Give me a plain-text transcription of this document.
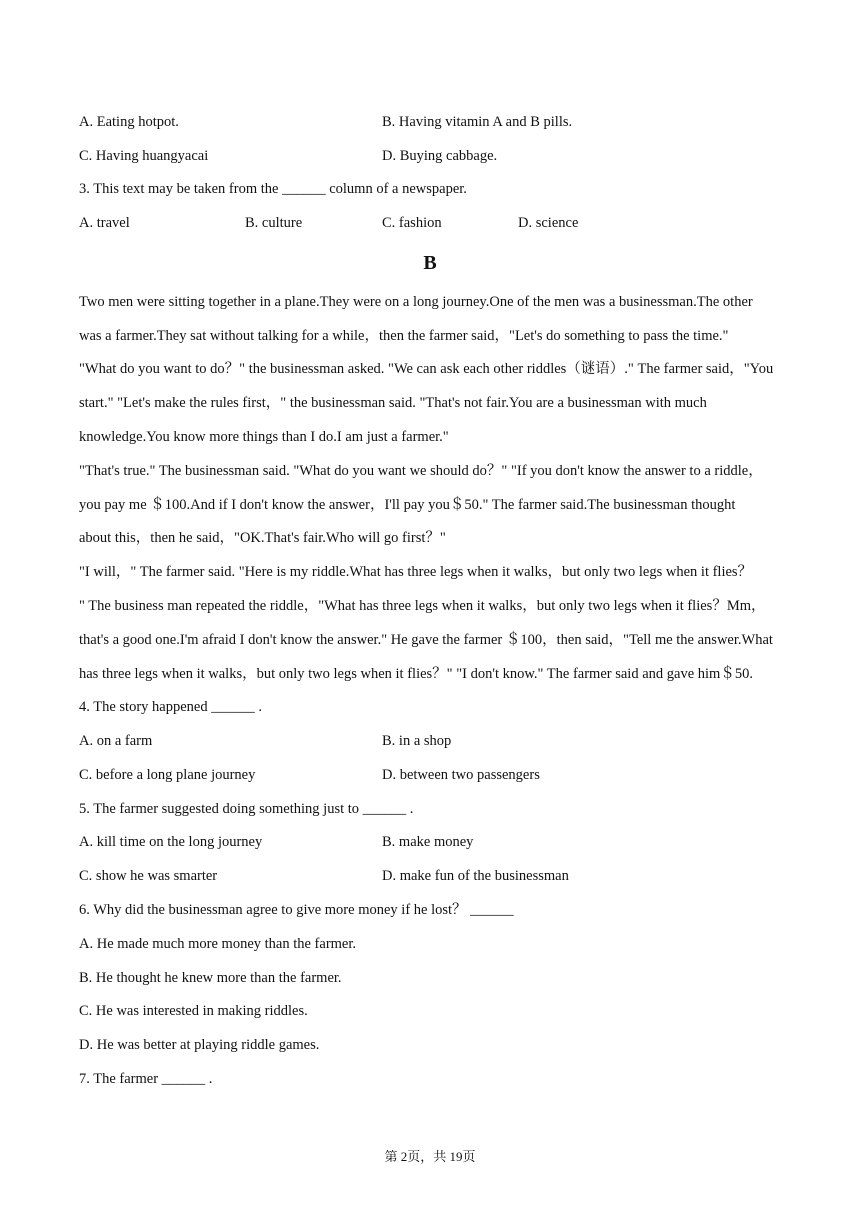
A. Eating hotpot.	B. Having vitamin A and B pills.
C. Having huangyacai	D. Buying cabbage.
3. This text may be taken from the ______ column of a newspaper.
A. travel	B. culture	C. fashion	D. science
B
Two men were sitting together in a plane.They were on a long journey.One of the men was a businessman.The other
was a farmer.They sat without talking for a while，then the farmer said，"Let's do something to pass the time."
"What do you want to do？" the businessman asked. "We can ask each other riddles（谜语）." The farmer said，"You
start." "Let's make the rules first，" the businessman said. "That's not fair.You are a businessman with much
knowledge.You know more things than I do.I am just a farmer."
"That's true." The businessman said. "What do you want we should do？" "If you don't know the answer to a riddle，
you pay me ＄100.And if I don't know the answer，I'll pay you＄50." The farmer said.The businessman thought
about this，then he said，"OK.That's fair.Who will go first？"
"I will，" The farmer said. "Here is my riddle.What has three legs when it walks，but only two legs when it flies？
" The business man repeated the riddle，"What has three legs when it walks，but only two legs when it flies？Mm，
that's a good one.I'm afraid I don't know the answer." He gave the farmer ＄100，then said，"Tell me the answer.What
has three legs when it walks，but only two legs when it flies？" "I don't know." The farmer said and gave him＄50.
4. The story happened ______ .
A. on a farm	B. in a shop
C. before a long plane journey	D. between two passengers
5. The farmer suggested doing something just to ______ .
A. kill time on the long journey	B. make money
C. show he was smarter	D. make fun of the businessman
6. Why did the businessman agree to give more money if he lost？ ______
A. He made much more money than the farmer.
B. He thought he knew more than the farmer.
C. He was interested in making riddles.
D. He was better at playing riddle games.
7. The farmer ______ .
第 2页，共 19页
